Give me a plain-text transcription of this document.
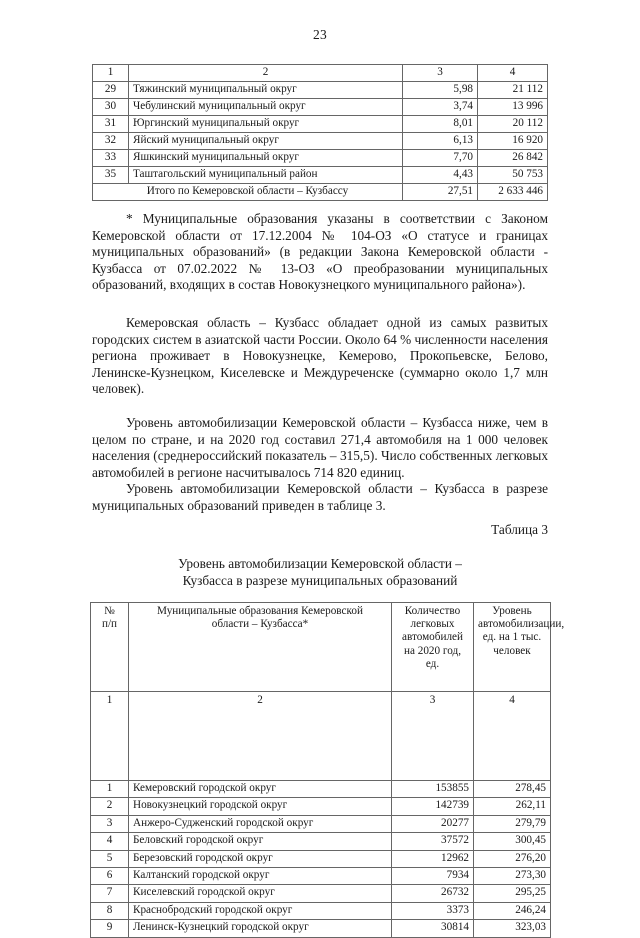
23
1	2	3	4
29	Тяжинский муниципальный округ	5,98	21 112
30	Чебулинский муниципальный округ	3,74	13 996
31	Юргинский муниципальный округ	8,01	20 112
32	Яйский муниципальный округ	6,13	16 920
33	Яшкинский муниципальный округ	7,70	26 842
35	Таштагольский муниципальный район	4,43	50 753
Итого по Кемеровской области – Кузбассу		27,51	2 633 446

* Муниципальные образования указаны в соответствии с Законом Кемеровской области от 17.12.2004 № 104-ОЗ «О статусе и границах муниципальных образований» (в редакции Закона Кемеровской области - Кузбасса от 07.02.2022 № 13-ОЗ «О преобразовании муниципальных образований, входящих в состав Новокузнецкого муниципального района»).

Кемеровская область – Кузбасс обладает одной из самых развитых городских систем в азиатской части России. Около 64 % численности населения региона проживает в Новокузнецке, Кемерово, Прокопьевске, Белово, Ленинске-Кузнецком, Киселевске и Междуреченске (суммарно около 1,7 млн человек).

Уровень автомобилизации Кемеровской области – Кузбасса ниже, чем в целом по стране, и на 2020 год составил 271,4 автомобиля на 1 000 человек населения (среднероссийский показатель – 315,5). Число собственных легковых автомобилей в регионе насчитывалось 714 820 единиц.

Уровень автомобилизации Кемеровской области – Кузбасса в разрезе муниципальных образований приведен в таблице 3.

Таблица 3
Уровень автомобилизации Кемеровской области –
Кузбасса в разрезе муниципальных образований
№
п/п

Муниципальные образования Кемеровской
области – Кузбасса*

Количество
легковых
автомобилей
на 2020 год,
ед.

Уровень
автомобилизации,
ед. на 1 тыс.
человек

1	2	3	4
1	Кемеровский городской округ	153855	278,45
2	Новокузнецкий городской округ	142739	262,11
3	Анжеро-Судженский городской округ	20277	279,79
4	Беловский городской округ	37572	300,45
5	Березовский городской округ	12962	276,20
6	Калтанский городской округ	7934	273,30
7	Киселевский городской округ	26732	295,25
8	Краснобродский городской округ	3373	246,24
9	Ленинск-Кузнецкий городской округ	30814	323,03
